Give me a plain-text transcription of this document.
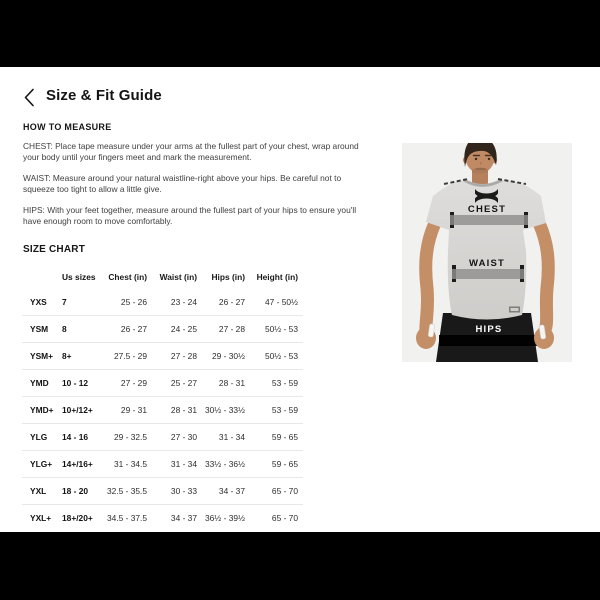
Size & Fit Guide
HOW TO MEASURE

CHEST: Place tape measure under your arms at the fullest part of your chest, wrap around your body until your fingers meet and mark the measurement.

WAIST: Measure around your natural waistline-right above your hips. Be careful not to squeeze too tight to allow a little give.

HIPS: With your feet together, measure around the fullest part of your hips to ensure you'll have enough room to move comfortably.

SIZE CHART
	Us sizes	Chest (in)	Waist (in)	Hips (in)	Height (in)
YXS	7	25 - 26	23 - 24	26 - 27	47 - 50½
YSM	8	26 - 27	24 - 25	27 - 28	50½ - 53
YSM+	8+	27.5 - 29	27 - 28	29 - 30½	50½ - 53
YMD	10 - 12	27 - 29	25 - 27	28 - 31	53 - 59
YMD+	10+/12+	29 - 31	28 - 31	30½ - 33½	53 - 59
YLG	14 - 16	29 - 32.5	27 - 30	31 - 34	59 - 65
YLG+	14+/16+	31 - 34.5	31 - 34	33½ - 36½	59 - 65
YXL	18 - 20	32.5 - 35.5	30 - 33	34 - 37	65 - 70
YXL+	18+/20+	34.5 - 37.5	34 - 37	36½ - 39½	65 - 70
CHEST
WAIST
HIPS
